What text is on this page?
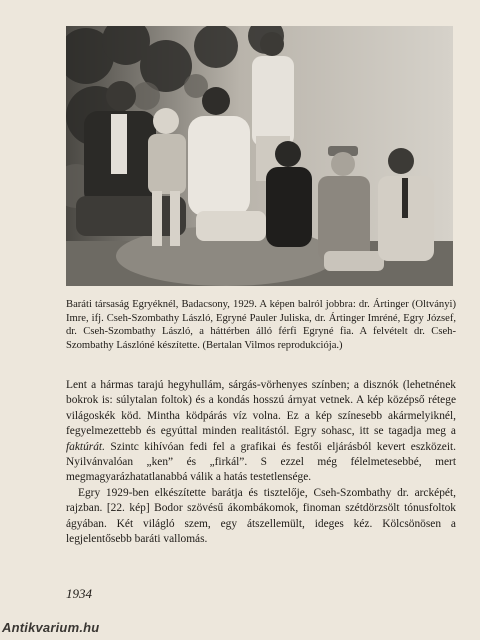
Baráti társaság Egryéknél, Badacsony, 1929. A képen balról jobbra: dr. Ártinger (Oltványi) Imre, ifj. Cseh-Szombathy László, Egryné Pauler Juliska, dr. Ártinger Imréné, Egry József, dr. Cseh-Szombathy László, a háttérben álló férfi Egryné fia. A felvételt dr. Cseh-Szombathy Lászlóné készítette. (Bertalan Vilmos reprodukciója.)

Lent a hármas tarajú hegyhullám, sárgás-vörhenyes színben; a disznók (lehetnének bokrok is: súlytalan foltok) és a kondás hosszú árnyat vetnek. A kép középső rétege világoskék köd. Mintha ködpárás víz volna. Ez a kép színesebb akármelyiknél, fegyelmezettebb és egyúttal minden realitástól. Egry sohasc, itt se tagadja meg a faktúrát. Szintc kihívóan fedi fel a grafikai és festői eljárásból kevert eszközeit. Nyilvánvalóan „ken” és „firkál”. S ezzel még félelmetesebbé, mert megmagyarázhatatlanabbá válik a hatás testetlensége.

Egry 1929-ben elkészítette barátja és tisztelője, Cseh-Szombathy dr. arcképét, rajzban. [22. kép] Bodor szövésű ákombákomok, finoman szétdörzsölt tónusfoltok ágyában. Két világló szem, egy átszellemült, ideges kéz. Kölcsönösen a legjelentősebb baráti vallomás.

1934
Antikvarium.hu
